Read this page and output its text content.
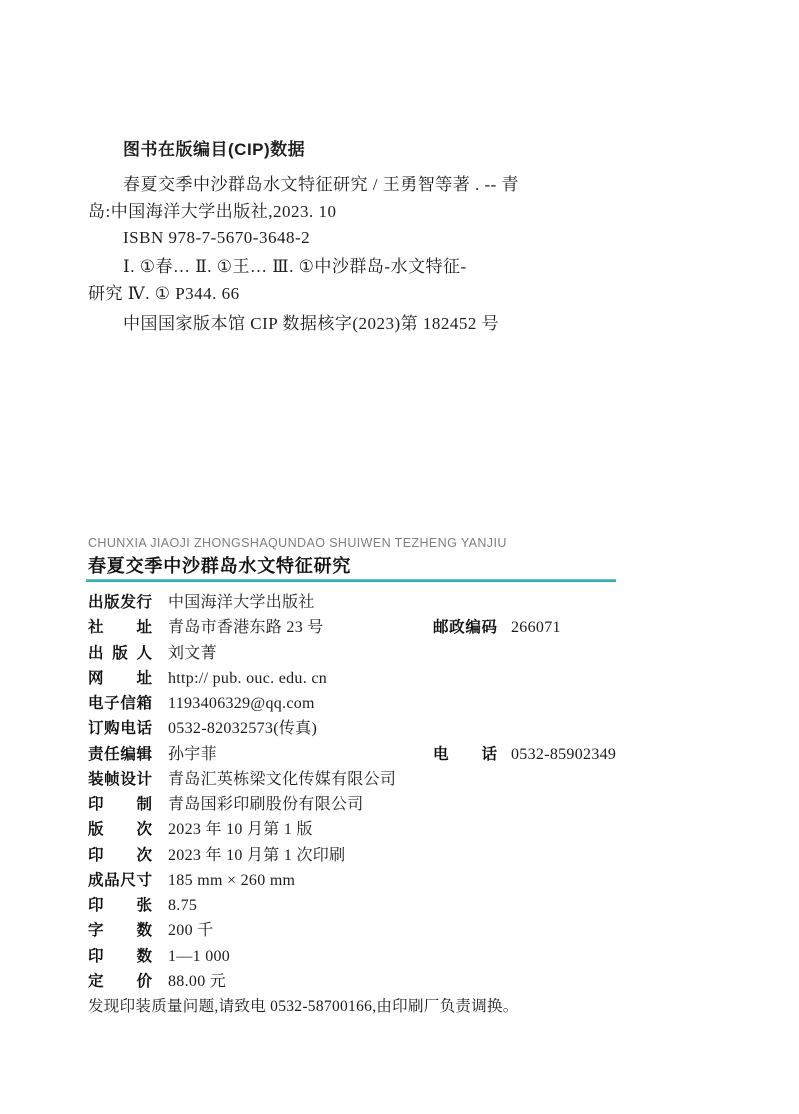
图书在版编目(CIP)数据
春夏交季中沙群岛水文特征研究 / 王勇智等著 . -- 青
岛:中国海洋大学出版社,2023. 10
ISBN 978-7-5670-3648-2
Ⅰ. ①春… Ⅱ. ①王… Ⅲ. ①中沙群岛-水文特征-
研究 Ⅳ. ① P344. 66
中国国家版本馆 CIP 数据核字(2023)第 182452 号
CHUNXIA JIAOJI ZHONGSHAQUNDAO SHUIWEN TEZHENG YANJIU
春夏交季中沙群岛水文特征研究
出版发行 中国海洋大学出版社
社址 青岛市香港东路 23 号	邮政编码 266071
出版人 刘文菁
网址 http:// pub. ouc. edu. cn
电子信箱 1193406329@qq.com
订购电话 0532-82032573(传真)
责任编辑 孙宇菲	电话 0532-85902349
装帧设计 青岛汇英栋梁文化传媒有限公司
印制 青岛国彩印刷股份有限公司
版次 2023 年 10 月第 1 版
印次 2023 年 10 月第 1 次印刷
成品尺寸 185 mm × 260 mm
印张 8.75
字数 200 千
印数 1—1 000
定价 88.00 元
发现印装质量问题,请致电 0532-58700166,由印刷厂负责调换。
